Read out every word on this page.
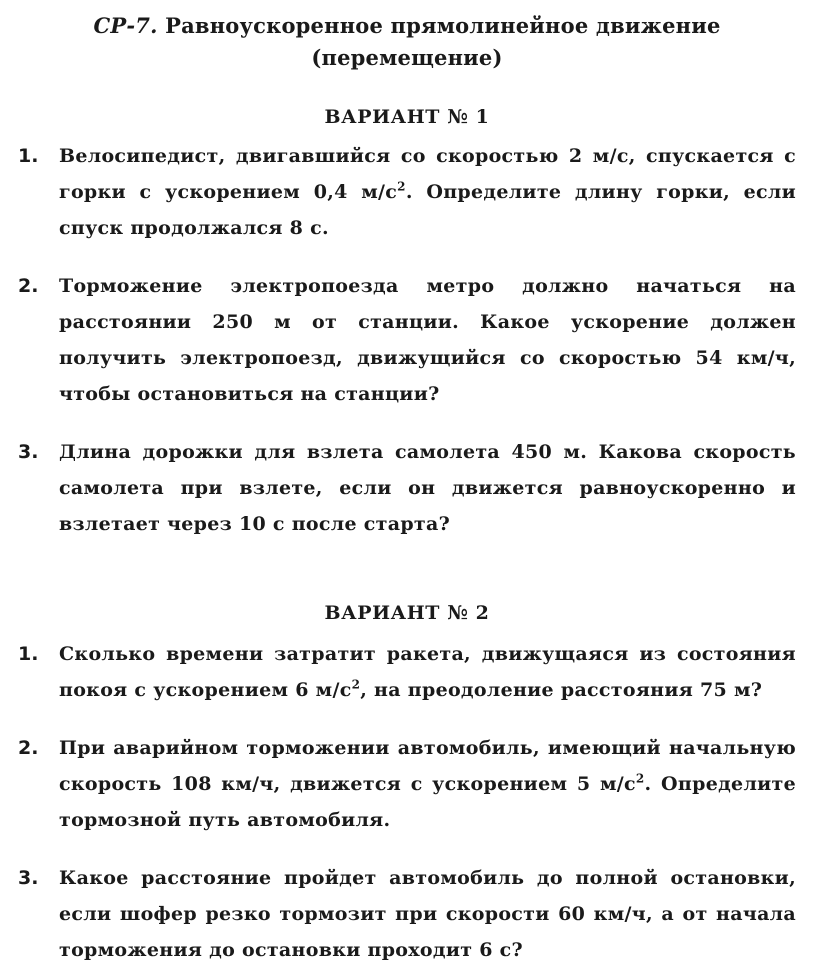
СР-7. Равноускоренное прямолинейное движение
(перемещение)
ВАРИАНТ № 1
1.	Велосипедист, двигавшийся со скоростью 2 м/с, спускается с горки с ускорением 0,4 $м/с^2$. Определите длину горки, если спуск продолжался 8 с.
2.	Торможение электропоезда метро должно начаться на расстоянии 250 м от станции. Какое ускорение должен получить электропоезд, движущийся со скоростью 54 км/ч, чтобы остановиться на станции?
3.	Длина дорожки для взлета самолета 450 м. Какова скорость самолета при взлете, если он движется равноускоренно и взлетает через 10 с после старта?
ВАРИАНТ № 2
1.	Сколько времени затратит ракета, движущаяся из состояния покоя с ускорением 6 $м/с^2$, на преодоление расстояния 75 м?
2.	При аварийном торможении автомобиль, имеющий начальную скорость 108 км/ч, движется с ускорением 5 $м/с^2$. Определите тормозной путь автомобиля.
3.	Какое расстояние пройдет автомобиль до полной остановки, если шофер резко тормозит при скорости 60 км/ч, а от начала торможения до остановки проходит 6 с?
